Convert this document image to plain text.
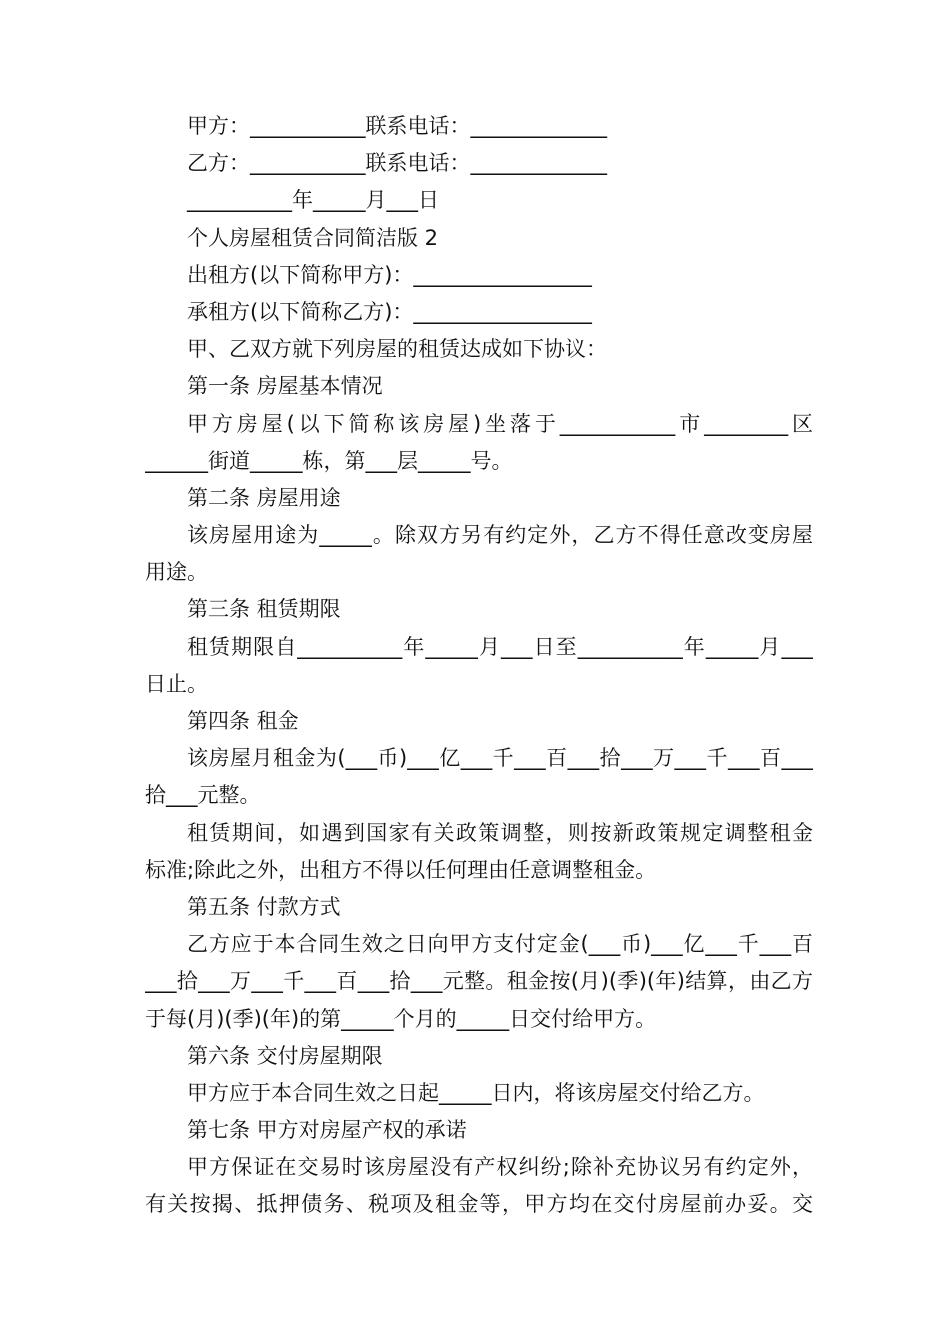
甲方：___________联系电话：_____________
乙方：___________联系电话：_____________
__________年_____月___日
个人房屋租赁合同简洁版 2
出租方(以下简称甲方)：_________________
承租方(以下简称乙方)：_________________
甲、乙双方就下列房屋的租赁达成如下协议：
第一条 房屋基本情况
甲方房屋(以下简称该房屋)坐落于___________市________区
______街道_____栋，第___层_____号。
第二条 房屋用途
该房屋用途为_____。除双方另有约定外，乙方不得任意改变房屋
用途。
第三条 租赁期限
租赁期限自__________年_____月___日至__________年_____月___
日止。
第四条 租金
该房屋月租金为(___币)___亿___千___百___拾___万___千___百___
拾___元整。
租赁期间，如遇到国家有关政策调整，则按新政策规定调整租金
标准;除此之外，出租方不得以任何理由任意调整租金。
第五条 付款方式
乙方应于本合同生效之日向甲方支付定金(___币)___亿___千___百
___拾___万___千___百___拾___元整。租金按(月)(季)(年)结算，由乙方
于每(月)(季)(年)的第_____个月的_____日交付给甲方。
第六条 交付房屋期限
甲方应于本合同生效之日起_____日内，将该房屋交付给乙方。
第七条 甲方对房屋产权的承诺
甲方保证在交易时该房屋没有产权纠纷;除补充协议另有约定外，
有关按揭、抵押债务、税项及租金等，甲方均在交付房屋前办妥。交
